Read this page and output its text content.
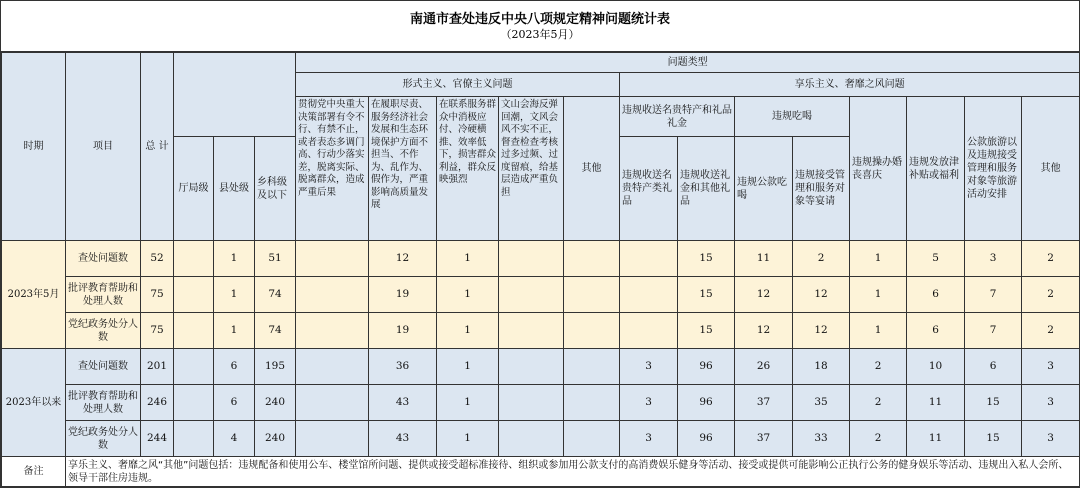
南通市查处违反中央八项规定精神问题统计表
（2023年5月）
时期	项目	总 计				问题类型												
						形式主义、官僚主义问题					享乐主义、奢靡之风问题							
						贯彻党中央重大决策部署有令不行、有禁不止，或者表态多调门高、行动少落实差，脱离实际、脱离群众，造成严重后果	在履职尽责、服务经济社会发展和生态环境保护方面不担当、不作为、乱作为、假作为，严重影响高质量发展	在联系服务群众中消极应付、冷硬横推、效率低下，损害群众利益，群众反映强烈	文山会海反弹回潮，文风会风不实不正，督查检查考核过多过频、过度留痕，给基层造成严重负担	其他	违规收送名贵特产和礼品礼金		违规吃喝		违规操办婚丧喜庆	违规发放津补贴或福利	公款旅游以及违规接受管理和服务对象等旅游活动安排	其他
			厅局级	县处级	乡科级及以下						违规收送名贵特产类礼品	违规收送礼金和其他礼品	违规公款吃喝	违规接受管理和服务对象等宴请				
2023年5月	查处问题数	52		1	51		12	1				15	11	2	1	5	3	2
	批评教育帮助和处理人数	75		1	74		19	1				15	12	12	1	6	7	2
	党纪政务处分人数	75		1	74		19	1				15	12	12	1	6	7	2
2023年以来	查处问题数	201		6	195		36	1			3	96	26	18	2	10	6	3
	批评教育帮助和处理人数	246		6	240		43	1			3	96	37	35	2	11	15	3
	党纪政务处分人数	244		4	240		43	1			3	96	37	33	2	11	15	3
备注	享乐主义、奢靡之风“其他”问题包括：违规配备和使用公车、楼堂馆所问题、提供或接受超标准接待、组织或参加用公款支付的高消费娱乐健身等活动、接受或提供可能影响公正执行公务的健身娱乐等活动、违规出入私人会所、领导干部住房违规。																	
